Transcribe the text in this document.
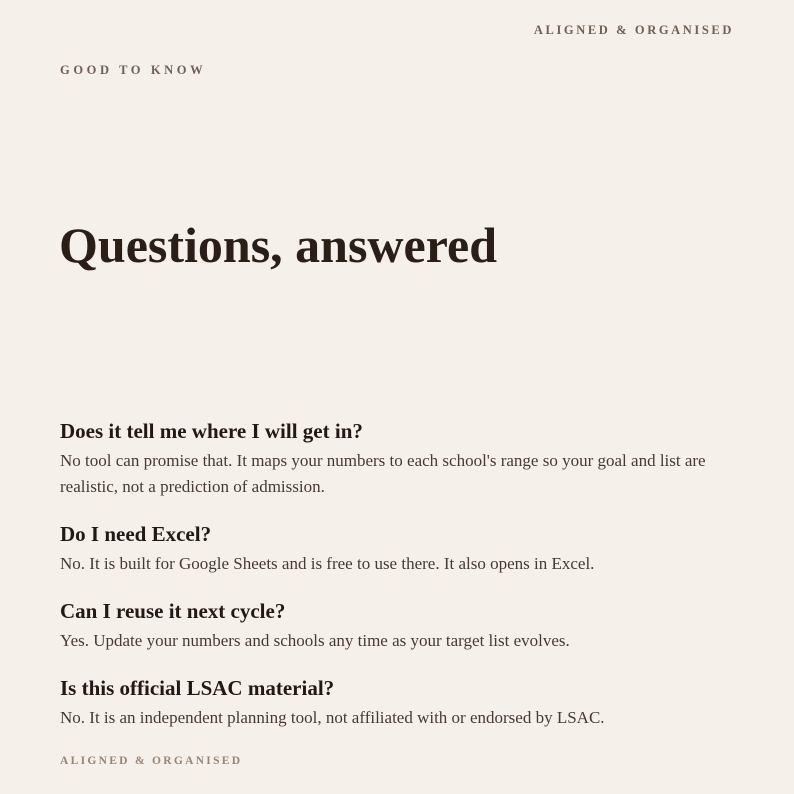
ALIGNED & ORGANISED
GOOD TO KNOW
Questions, answered
Does it tell me where I will get in?

No tool can promise that. It maps your numbers to each school's range so your goal and list are realistic, not a prediction of admission.

Do I need Excel?

No. It is built for Google Sheets and is free to use there. It also opens in Excel.

Can I reuse it next cycle?

Yes. Update your numbers and schools any time as your target list evolves.

Is this official LSAC material?

No. It is an independent planning tool, not affiliated with or endorsed by LSAC.

ALIGNED & ORGANISED
